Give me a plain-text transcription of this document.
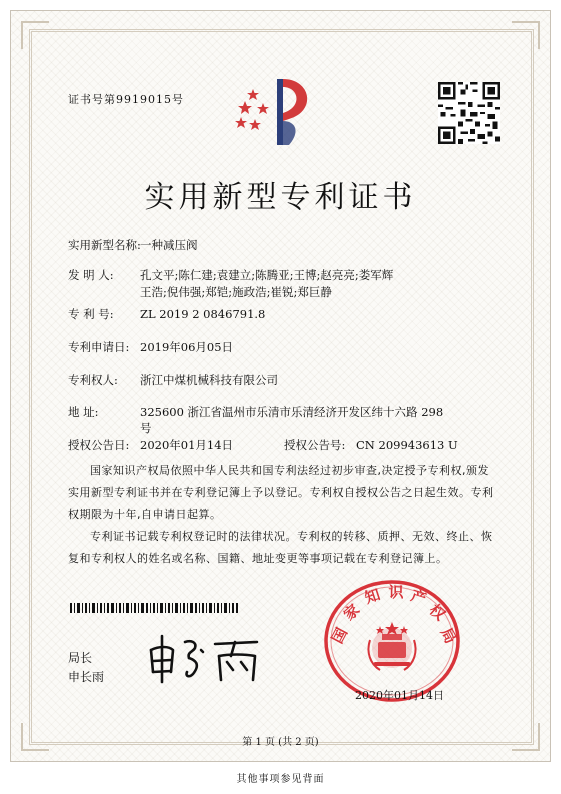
证书号第9919015号
实用新型专利证书
实用新型名称: 一种减压阀
发 明 人: 孔文平;陈仁建;袁建立;陈腾亚;王博;赵亮亮;娄军辉
王浩;倪伟强;郑铠;施政浩;崔锐;郑巨静
专 利 号: ZL 2019 2 0846791.8
专利申请日: 2019年06月05日
专利权人: 浙江中煤机械科技有限公司
地 址:	325600 浙江省温州市乐清市乐清经济开发区纬十六路 298
号
授权公告日: 2020年01月14日	授权公告号: CN 209943613 U
国家知识产权局依照中华人民共和国专利法经过初步审查,决定授予专利权,颁发实用新型专利证书并在专利登记簿上予以登记。专利权自授权公告之日起生效。专利权期限为十年,自申请日起算。
专利证书记载专利权登记时的法律状况。专利权的转移、质押、无效、终止、恢复和专利权人的姓名或名称、国籍、地址变更等事项记载在专利登记簿上。
局长
申长雨
国
家
知 识 产
权
局
2020年01月14日
第 1 页 (共 2 页)
其他事项参见背面
